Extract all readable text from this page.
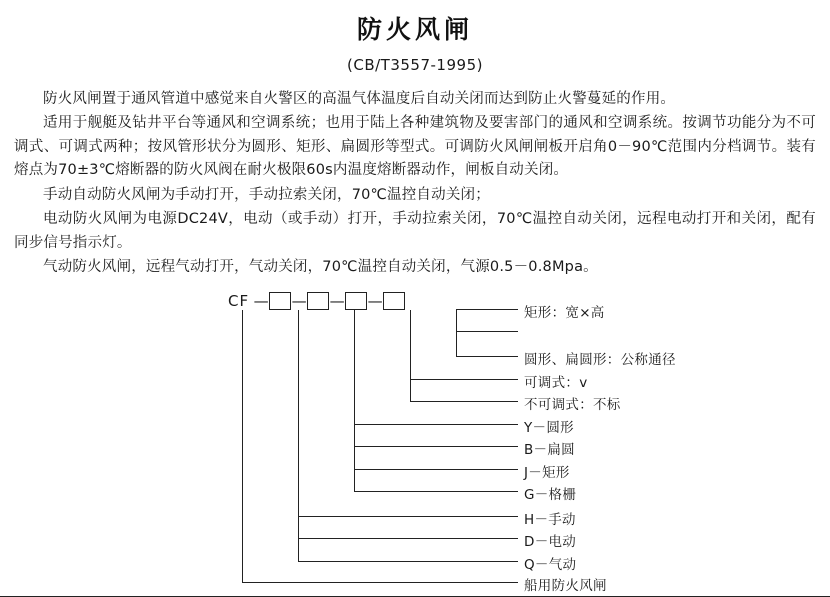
防火风闸
(CB/T3557-1995)

防火风闸置于通风管道中感觉来自火警区的高温气体温度后自动关闭而达到防止火警蔓延的作用。

适用于舰艇及钻井平台等通风和空调系统；也用于陆上各种建筑物及要害部门的通风和空调系统。按调节功能分为不可调式、可调式两种；按风管形状分为圆形、矩形、扁圆形等型式。可调防火风闸闸板开启角0－90℃范围内分档调节。装有熔点为70±3℃熔断器的防火风阀在耐火极限60s内温度熔断器动作，闸板自动关闭。

手动自动防火风闸为手动打开，手动拉索关闭，70℃温控自动关闭；

电动防火风闸为电源DC24V，电动（或手动）打开，手动拉索关闭，70℃温控自动关闭，远程电动打开和关闭，配有同步信号指示灯。

气动防火风闸，远程气动打开，气动关闭，70℃温控自动关闭，气源0.5－0.8Mpa。

CF — — — —
矩形：宽×高
圆形、扁圆形：公称通径
可调式：v
不可调式：不标
Y－圆形
B－扁圆
J－矩形
G－格栅
H－手动
D－电动
Q－气动
船用防火风闸
